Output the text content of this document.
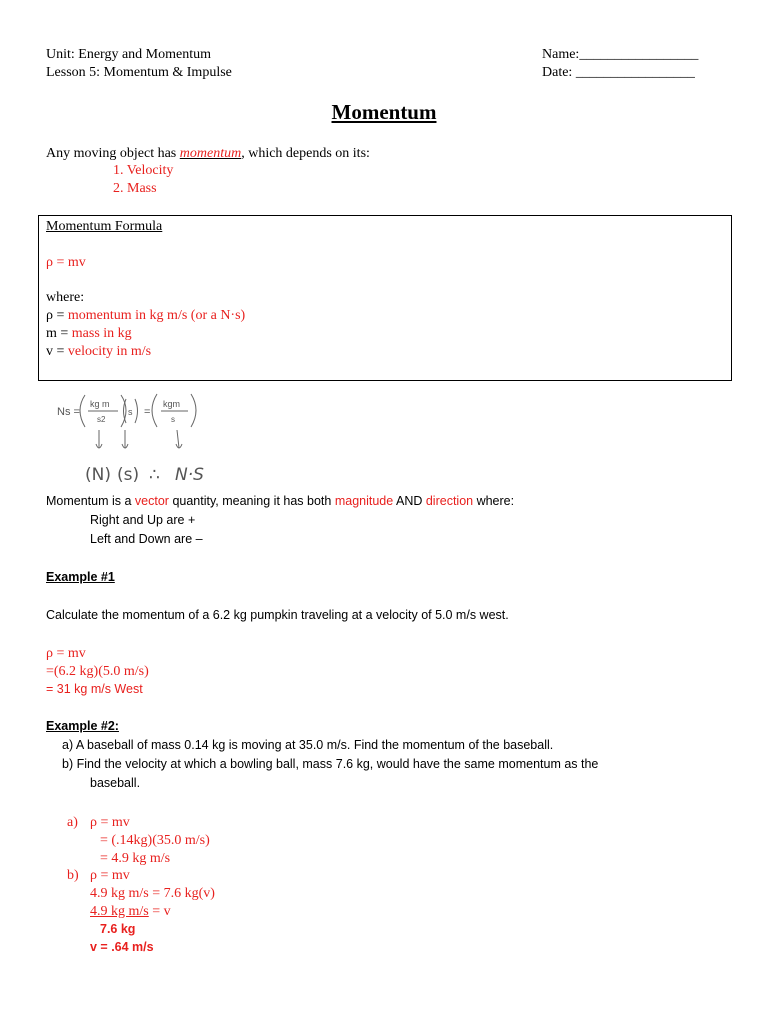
Unit: Energy and Momentum
Lesson 5: Momentum & Impulse
Name:_________________
Date: _________________
Momentum
Any moving object has momentum, which depends on its:
1. Velocity
2. Mass
Momentum Formula
ρ = mv
where:
ρ = momentum in kg m/s (or a N·s)
m = mass in kg
v = velocity in m/s
Ns =
kg m
s2
s =
kgm
s
(N) (s) ∴ N·S
Momentum is a vector quantity, meaning it has both magnitude AND direction where:
Right and Up are +
Left and Down are –
Example #1
Calculate the momentum of a 6.2 kg pumpkin traveling at a velocity of 5.0 m/s west.
ρ = mv
=(6.2 kg)(5.0 m/s)
= 31 kg m/s West
Example #2:
a) A baseball of mass 0.14 kg is moving at 35.0 m/s. Find the momentum of the baseball.
b) Find the velocity at which a bowling ball, mass 7.6 kg, would have the same momentum as the
baseball.
a) ρ = mv
= (.14kg)(35.0 m/s)
= 4.9 kg m/s
b) ρ = mv
4.9 kg m/s = 7.6 kg(v)
4.9 kg m/s = v
7.6 kg
v = .64 m/s
